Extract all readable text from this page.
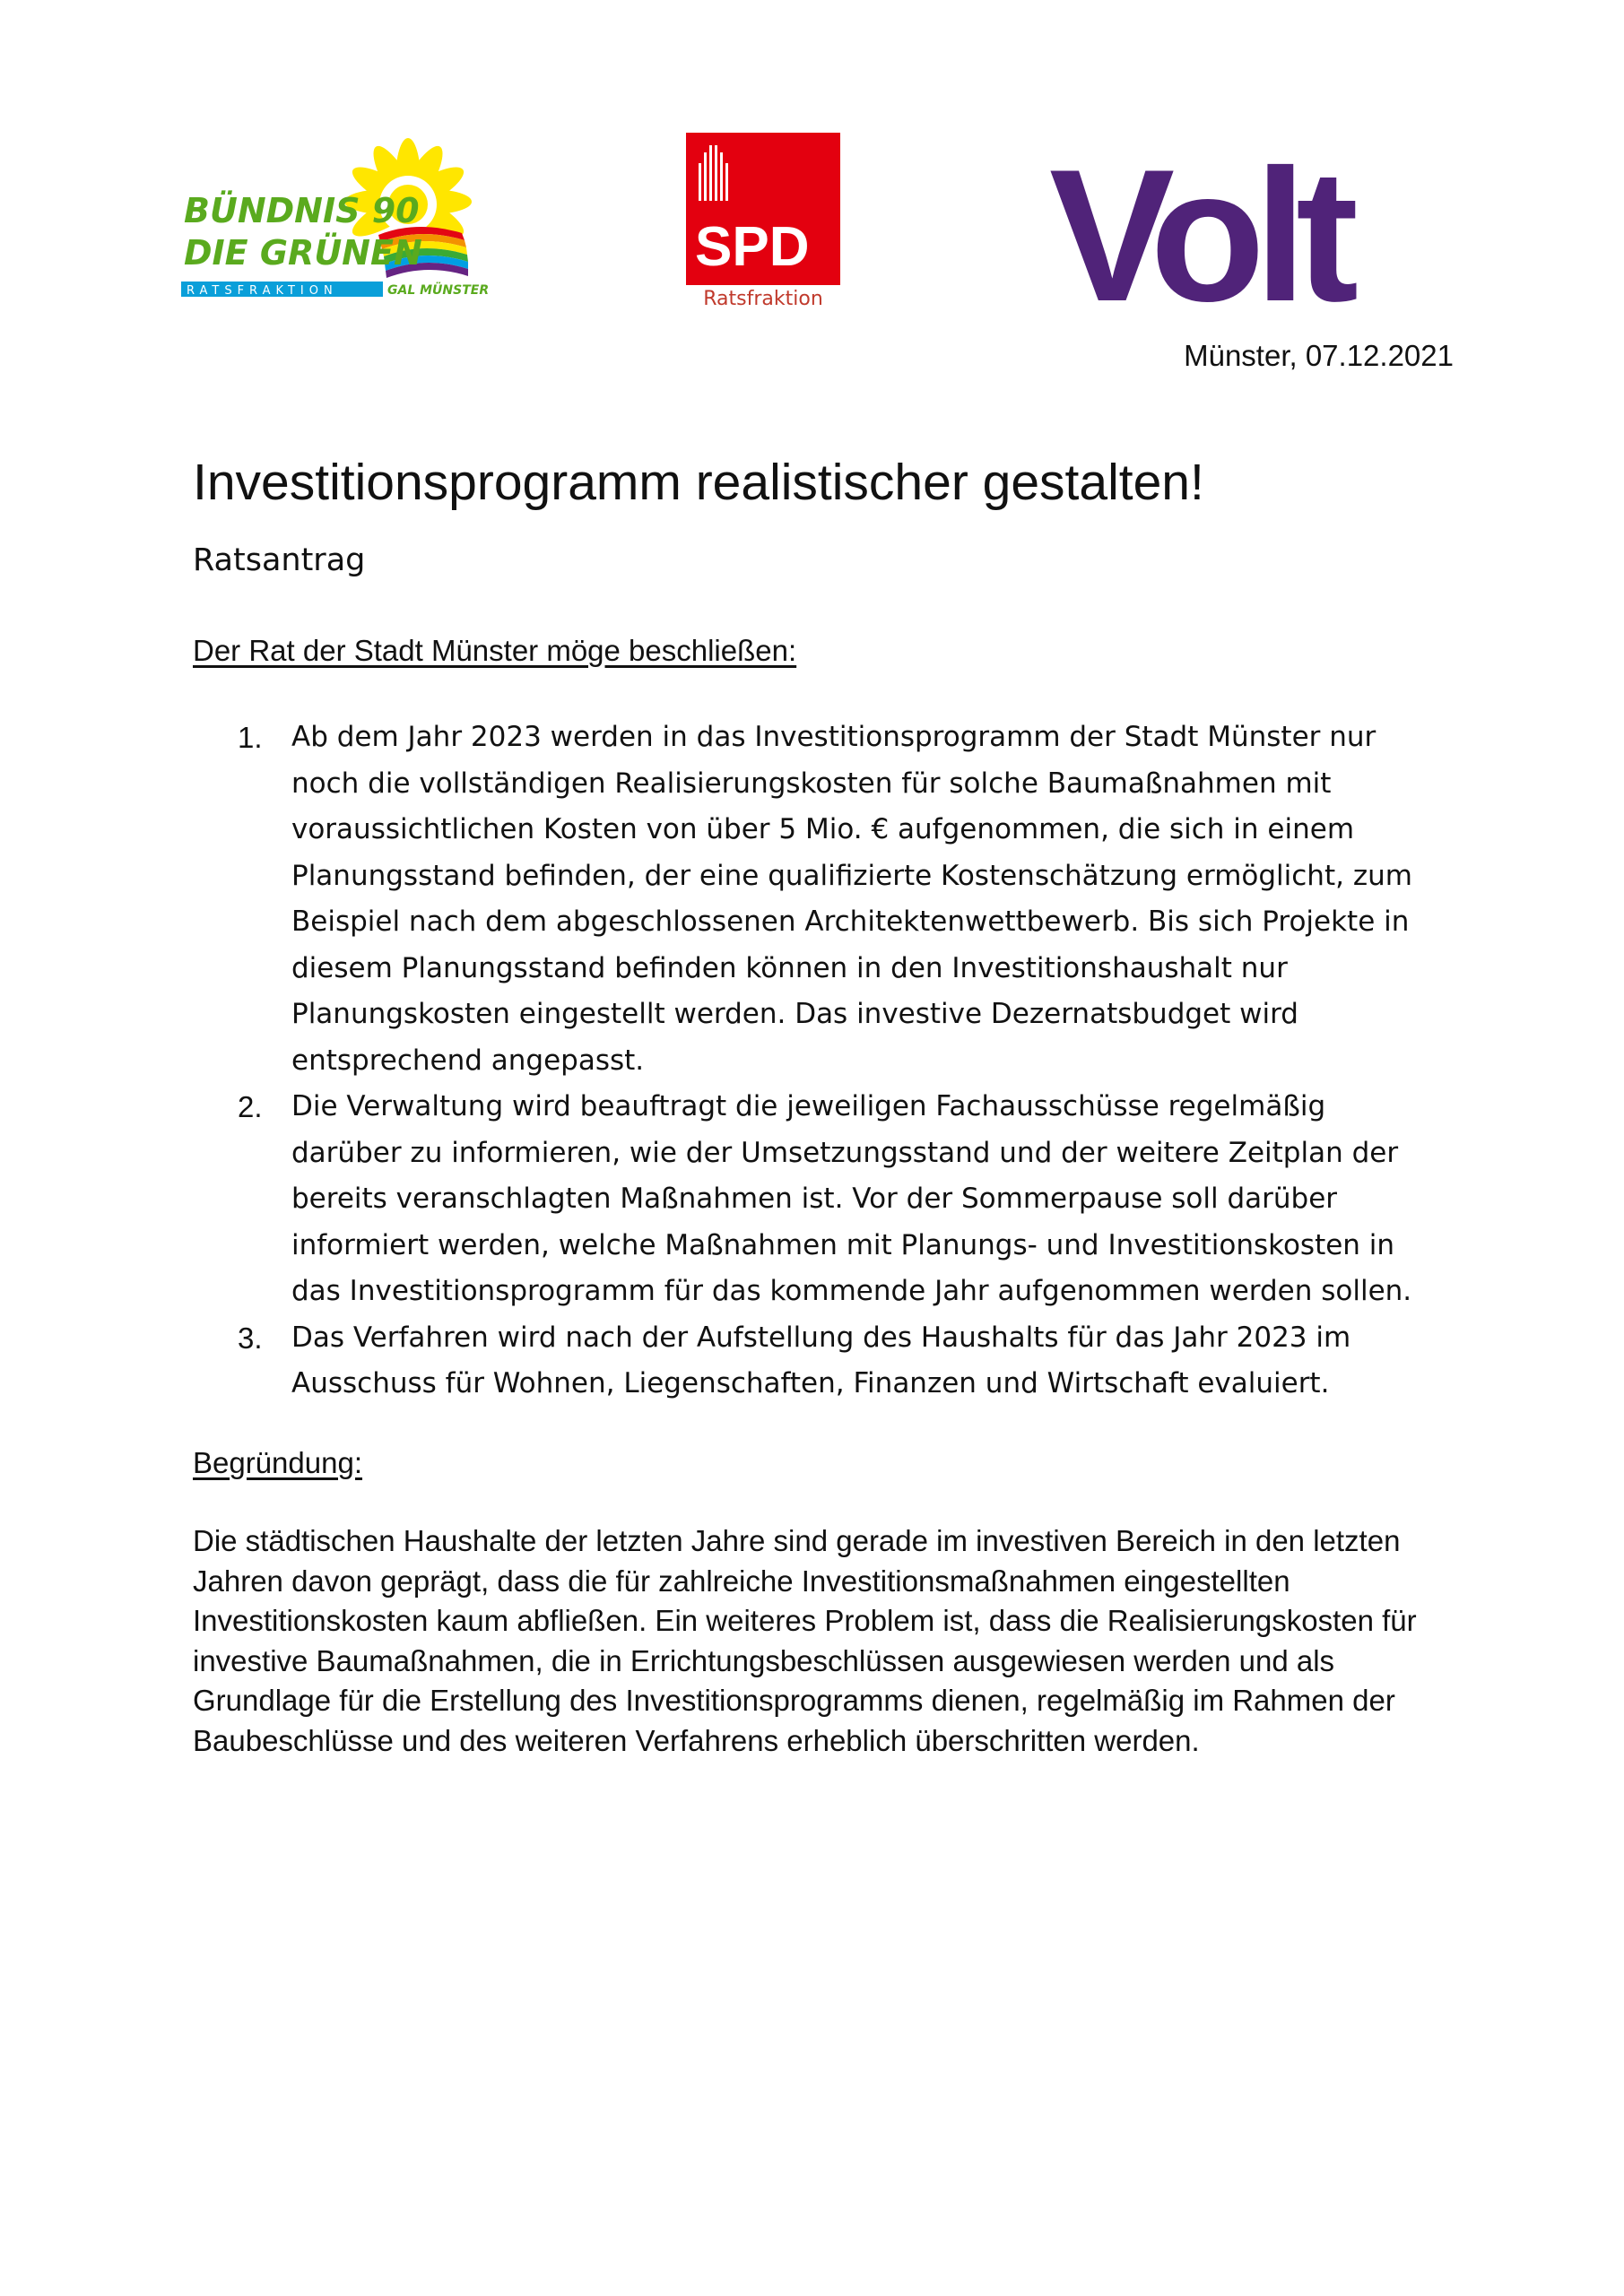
BÜNDNIS 90
DIE GRÜNEN
RATSFRAKTION	GAL MÜNSTER
SPD
Ratsfraktion Volt
Münster, 07.12.2021
Investitionsprogramm realistischer gestalten!
Ratsantrag
Der Rat der Stadt Münster möge beschließen:
1. Ab dem Jahr 2023 werden in das Investitionsprogramm der Stadt Münster nur noch die vollständigen Realisierungskosten für solche Baumaßnahmen mit voraussichtlichen Kosten von über 5 Mio. € aufgenommen, die sich in einem Planungsstand befinden, der eine qualifizierte Kostenschätzung ermöglicht, zum Beispiel nach dem abgeschlossenen Architektenwettbewerb. Bis sich Projekte in diesem Planungsstand befinden können in den Investitionshaushalt nur Planungskosten eingestellt werden. Das investive Dezernatsbudget wird entsprechend angepasst.
2. Die Verwaltung wird beauftragt die jeweiligen Fachausschüsse regelmäßig darüber zu informieren, wie der Umsetzungsstand und der weitere Zeitplan der bereits veranschlagten Maßnahmen ist. Vor der Sommerpause soll darüber informiert werden, welche Maßnahmen mit Planungs- und Investitionskosten in das Investitionsprogramm für das kommende Jahr aufgenommen werden sollen.
3. Das Verfahren wird nach der Aufstellung des Haushalts für das Jahr 2023 im Ausschuss für Wohnen, Liegenschaften, Finanzen und Wirtschaft evaluiert.
Begründung:

Die städtischen Haushalte der letzten Jahre sind gerade im investiven Bereich in den letzten Jahren davon geprägt, dass die für zahlreiche Investitionsmaßnahmen eingestellten Investitionskosten kaum abfließen. Ein weiteres Problem ist, dass die Realisierungskosten für investive Baumaßnahmen, die in Errichtungsbeschlüssen ausgewiesen werden und als Grundlage für die Erstellung des Investitionsprogramms dienen, regelmäßig im Rahmen der Baubeschlüsse und des weiteren Verfahrens erheblich überschritten werden.
